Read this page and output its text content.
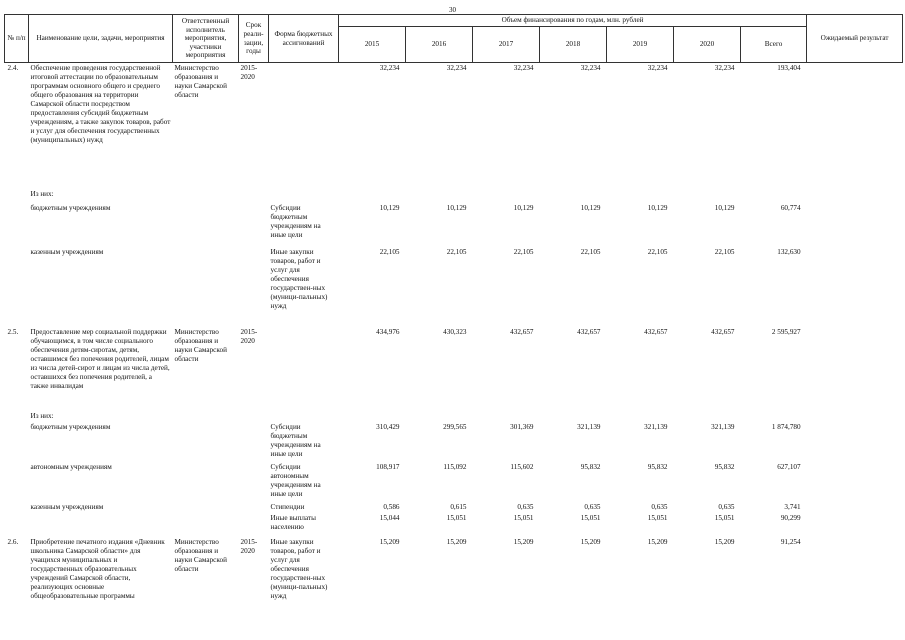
30
№ п/п	Наименование цели, задачи, мероприятия	Ответственный исполнитель мероприятия, участники мероприятия	Срок реали-зации, годы	Форма бюджетных ассигнований	Объем финансирования по годам, млн. рублей							Ожидаемый результат
					2015	2016	2017	2018	2019	2020	Всего	
2.4.	Обеспечение проведения государственной итоговой аттестации по образовательным программам основного общего и среднего общего образования на территории Самарской области посредством предоставления субсидий бюджетным учреждениям, а также закупок товаров, работ и услуг для обеспечения государственных (муниципальных) нужд	Министерство образования и науки Самарской области	2015-2020		32,234	32,234	32,234	32,234	32,234	32,234	193,404	
	Из них:											
	бюджетным учреждениям			Субсидии бюджетным учреждениям на иные цели	10,129	10,129	10,129	10,129	10,129	10,129	60,774	
	казенным учреждениям			Иные закупки товаров, работ и услуг для обеспечения государствен-ных (муници-пальных) нужд	22,105	22,105	22,105	22,105	22,105	22,105	132,630	
2.5.	Предоставление мер социальной поддержки обучающимся, в том числе социального обеспечения детям-сиротам, детям, оставшимся без попечения родителей, лицам из числа детей-сирот и лицам из числа детей, оставшихся без попечения родителей, а также инвалидам	Министерство образования и науки Самарской области	2015-2020		434,976	430,323	432,657	432,657	432,657	432,657	2 595,927	
	Из них:											
	бюджетным учреждениям			Субсидии бюджетным учреждениям на иные цели	310,429	299,565	301,369	321,139	321,139	321,139	1 874,780	
	автономным учреждениям			Субсидии автономным учреждениям на иные цели	108,917	115,092	115,602	95,832	95,832	95,832	627,107	
	казенным учреждениям			Стипендии	0,586	0,615	0,635	0,635	0,635	0,635	3,741	
				Иные выплаты населению	15,044	15,051	15,051	15,051	15,051	15,051	90,299	
2.6.	Приобретение печатного издания «Дневник школьника Самарской области» для учащихся муниципальных и государственных образовательных учреждений Самарской области, реализующих основные общеобразовательные программы	Министерство образования и науки Самарской области	2015-2020	Иные закупки товаров, работ и услуг для обеспечения государствен-ных (муници-пальных) нужд	15,209	15,209	15,209	15,209	15,209	15,209	91,254	
